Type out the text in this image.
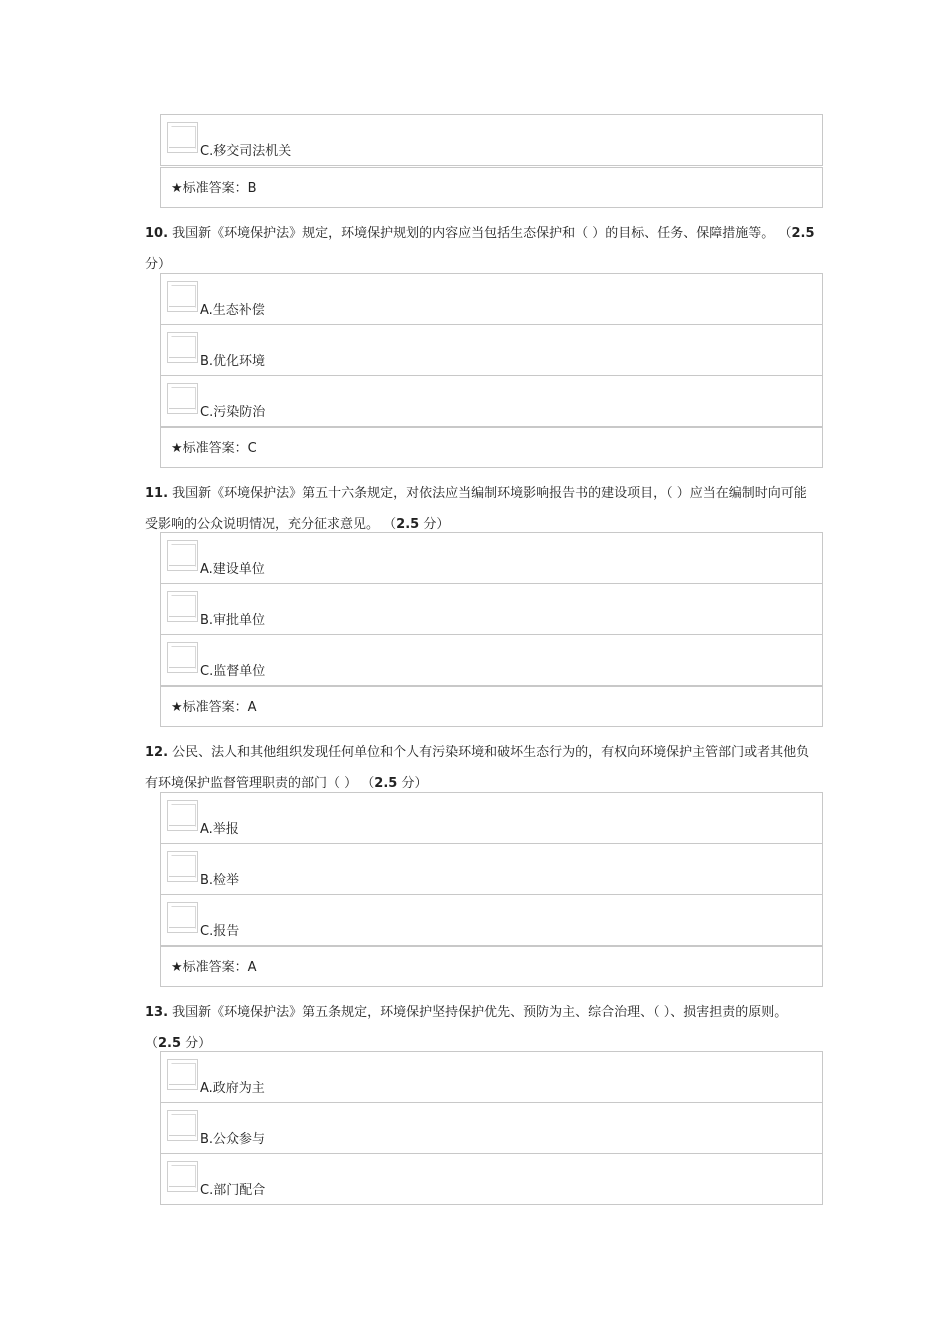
C.移交司法机关
★标准答案：B
10. 我国新《环境保护法》规定，环境保护规划的内容应当包括生态保护和（ ）的目标、任务、保障措施等。 （2.5 分）
A.生态补偿
B.优化环境
C.污染防治
★标准答案：C
11. 我国新《环境保护法》第五十六条规定，对依法应当编制环境影响报告书的建设项目，（ ）应当在编制时向可能受影响的公众说明情况，充分征求意见。 （2.5 分）
A.建设单位
B.审批单位
C.监督单位
★标准答案：A
12. 公民、法人和其他组织发现任何单位和个人有污染环境和破坏生态行为的，有权向环境保护主管部门或者其他负有环境保护监督管理职责的部门（ ） （2.5 分）
A.举报
B.检举
C.报告
★标准答案：A
13. 我国新《环境保护法》第五条规定，环境保护坚持保护优先、预防为主、综合治理、（ ）、损害担责的原则。 （2.5 分）
A.政府为主
B.公众参与
C.部门配合
